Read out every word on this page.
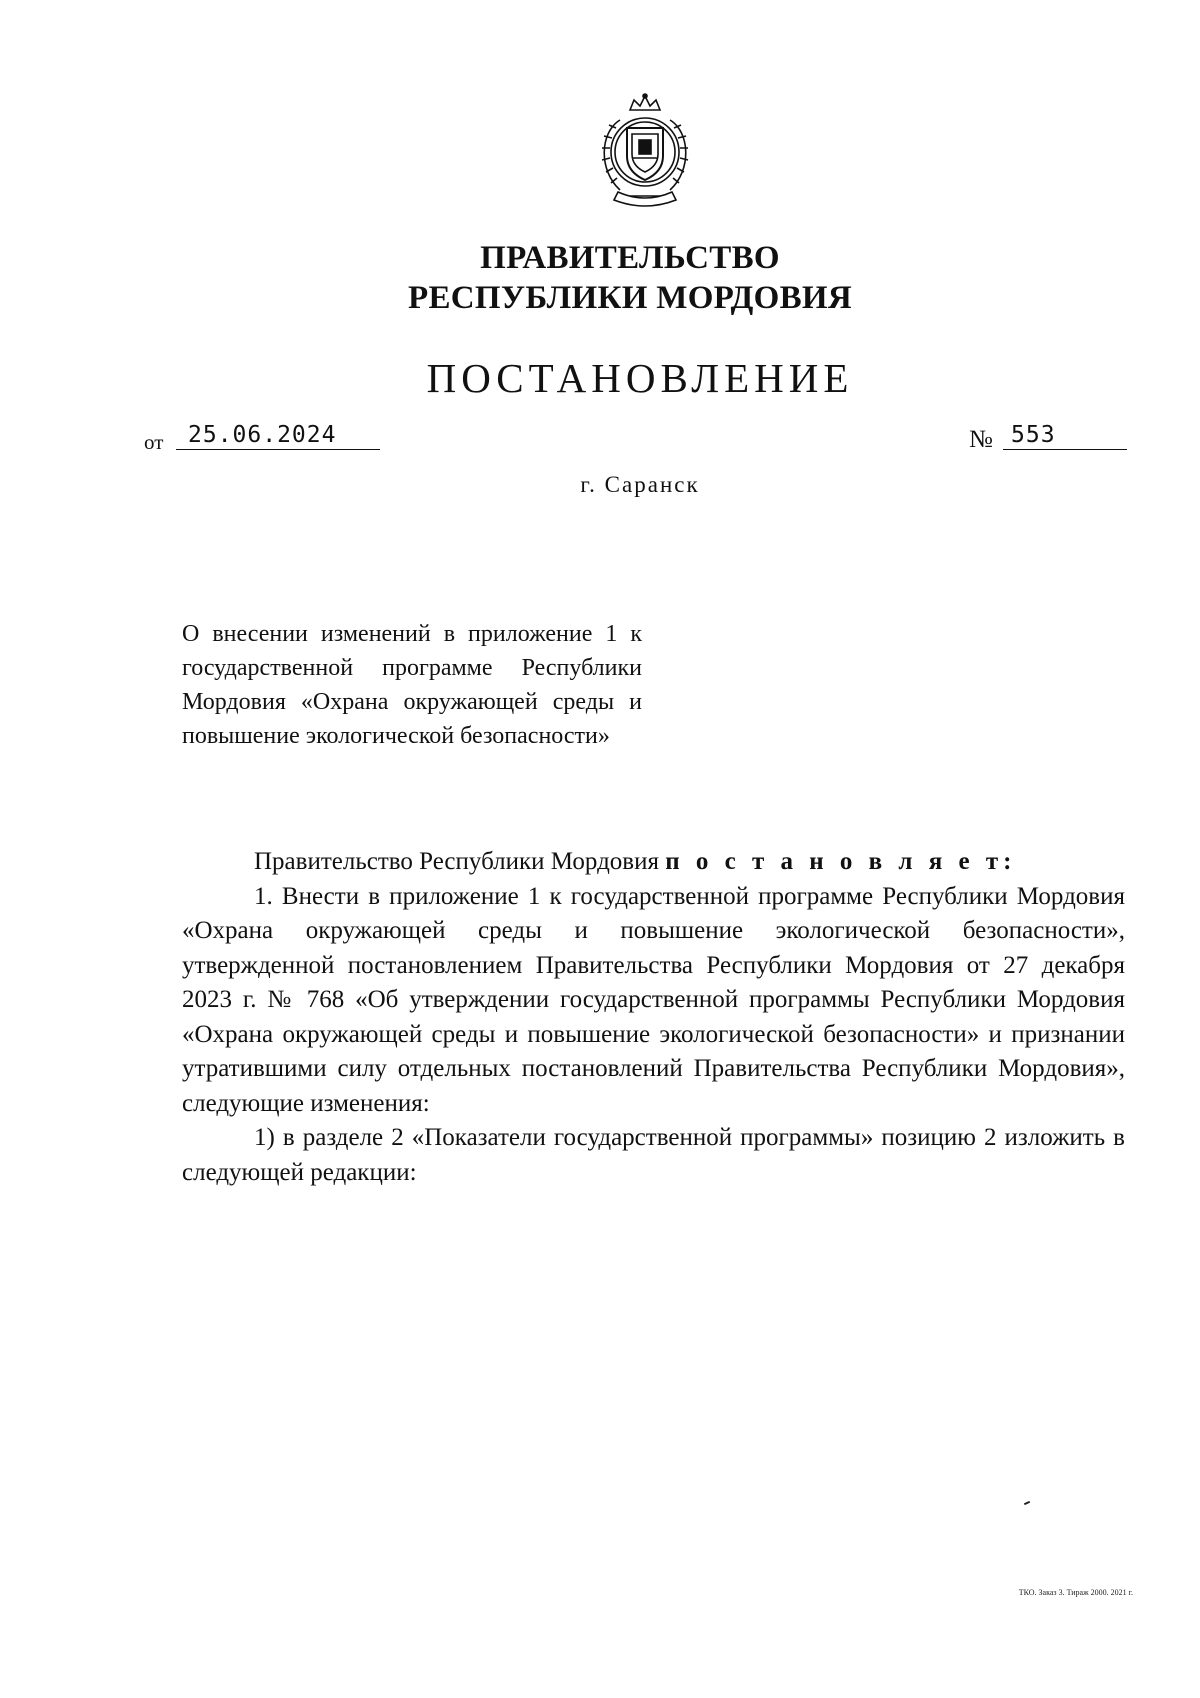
ПРАВИТЕЛЬСТВО
РЕСПУБЛИКИ МОРДОВИЯ
ПОСТАНОВЛЕНИЕ
от	25.06.2024	№ 553
г. Саранск
О внесении изменений в приложение 1 к государственной программе Республики Мордовия «Охрана окружающей среды и повышение экологической безопасности»

Правительство Республики Мордовия п о с т а н о в л я е т:

1. Внести в приложение 1 к государственной программе Республики Мордовия «Охрана окружающей среды и повышение экологической безопасности», утвержденной постановлением Правительства Республики Мордовия от 27 декабря 2023 г. № 768 «Об утверждении государственной программы Республики Мордовия «Охрана окружающей среды и повышение экологической безопасности» и признании утратившими силу отдельных постановлений Правительства Республики Мордовия», следующие изменения:

1) в разделе 2 «Показатели государственной программы» позицию 2 изложить в следующей редакции:

ТКО. Заказ 3. Тираж 2000. 2021 г.
